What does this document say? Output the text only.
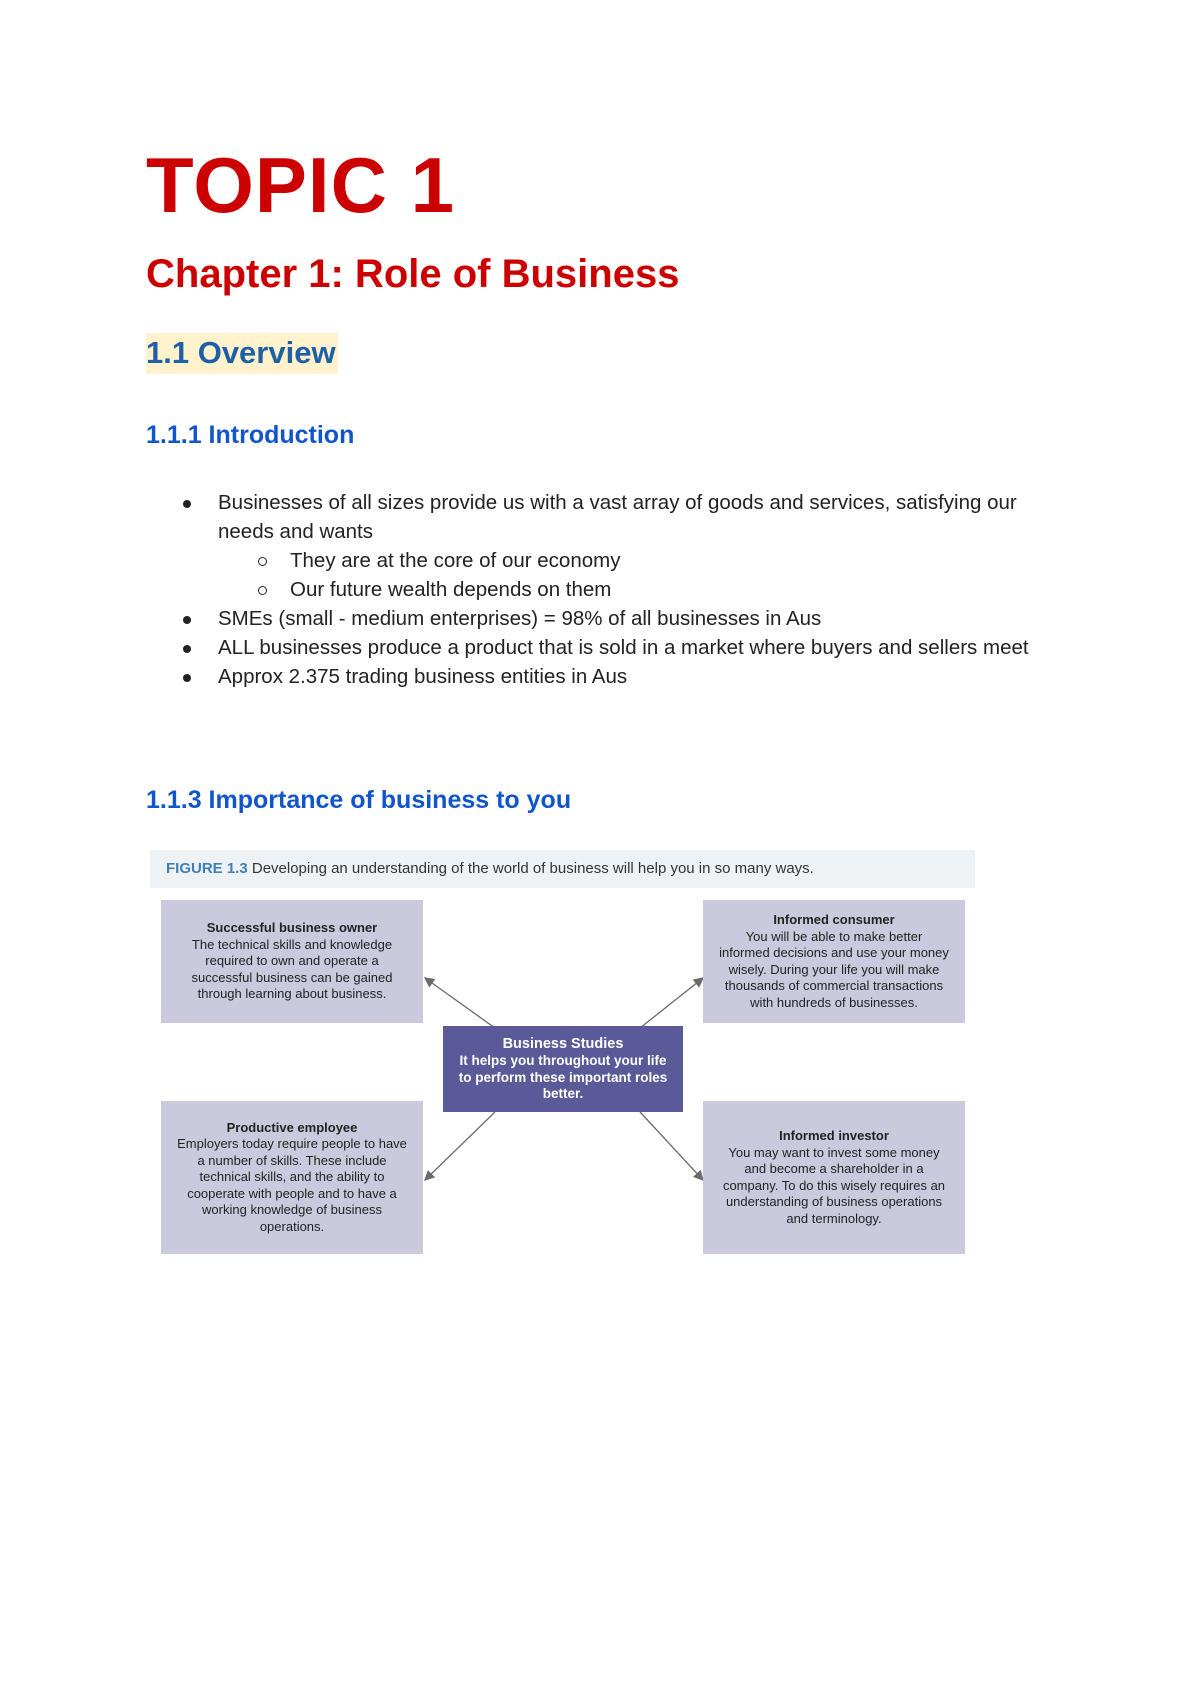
TOPIC 1
Chapter 1: Role of Business
1.1 Overview
1.1.1 Introduction
Businesses of all sizes provide us with a vast array of goods and services, satisfying our needs and wants
They are at the core of our economy
Our future wealth depends on them
SMEs (small - medium enterprises) = 98% of all businesses in Aus
ALL businesses produce a product that is sold in a market where buyers and sellers meet
Approx 2.375 trading business entities in Aus
1.1.3 Importance of business to you
FIGURE 1.3 Developing an understanding of the world of business will help you in so many ways.
Successful business owner
The technical skills and knowledge required to own and operate a successful business can be gained through learning about business.
Informed consumer
You will be able to make better informed decisions and use your money wisely. During your life you will make thousands of commercial transactions with hundreds of businesses.
Business Studies
It helps you throughout your life to perform these important roles better.
Productive employee
Employers today require people to have a number of skills. These include technical skills, and the ability to cooperate with people and to have a working knowledge of business operations.
Informed investor
You may want to invest some money and become a shareholder in a company. To do this wisely requires an understanding of business operations and terminology.
